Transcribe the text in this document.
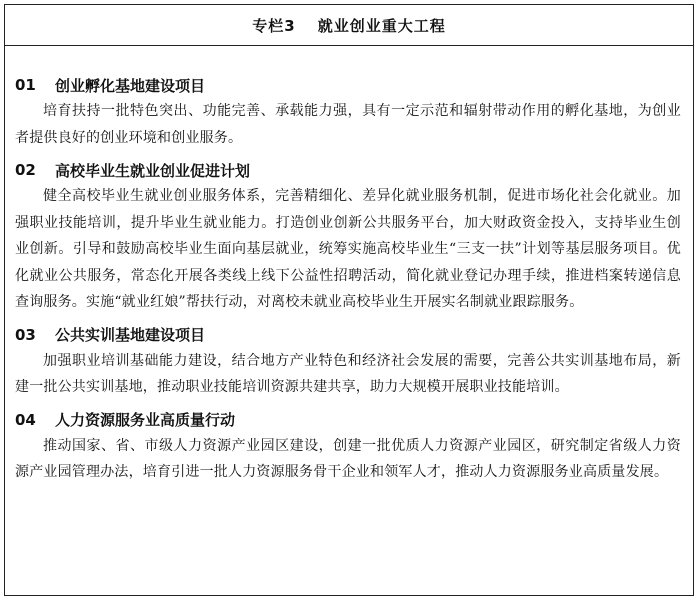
专栏3 就业创业重大工程
01	创业孵化基地建设项目

培育扶持一批特色突出、功能完善、承载能力强，具有一定示范和辐射带动作用的孵化基地，为创业者提供良好的创业环境和创业服务。

02	高校毕业生就业创业促进计划

健全高校毕业生就业创业服务体系，完善精细化、差异化就业服务机制，促进市场化社会化就业。加强职业技能培训，提升毕业生就业能力。打造创业创新公共服务平台，加大财政资金投入，支持毕业生创业创新。引导和鼓励高校毕业生面向基层就业，统筹实施高校毕业生“三支一扶”计划等基层服务项目。优化就业公共服务，常态化开展各类线上线下公益性招聘活动，简化就业登记办理手续，推进档案转递信息查询服务。实施“就业红娘”帮扶行动，对离校未就业高校毕业生开展实名制就业跟踪服务。

03	公共实训基地建设项目

加强职业培训基础能力建设，结合地方产业特色和经济社会发展的需要，完善公共实训基地布局，新建一批公共实训基地，推动职业技能培训资源共建共享，助力大规模开展职业技能培训。

04	人力资源服务业高质量行动

推动国家、省、市级人力资源产业园区建设，创建一批优质人力资源产业园区，研究制定省级人力资源产业园管理办法，培育引进一批人力资源服务骨干企业和领军人才，推动人力资源服务业高质量发展。
